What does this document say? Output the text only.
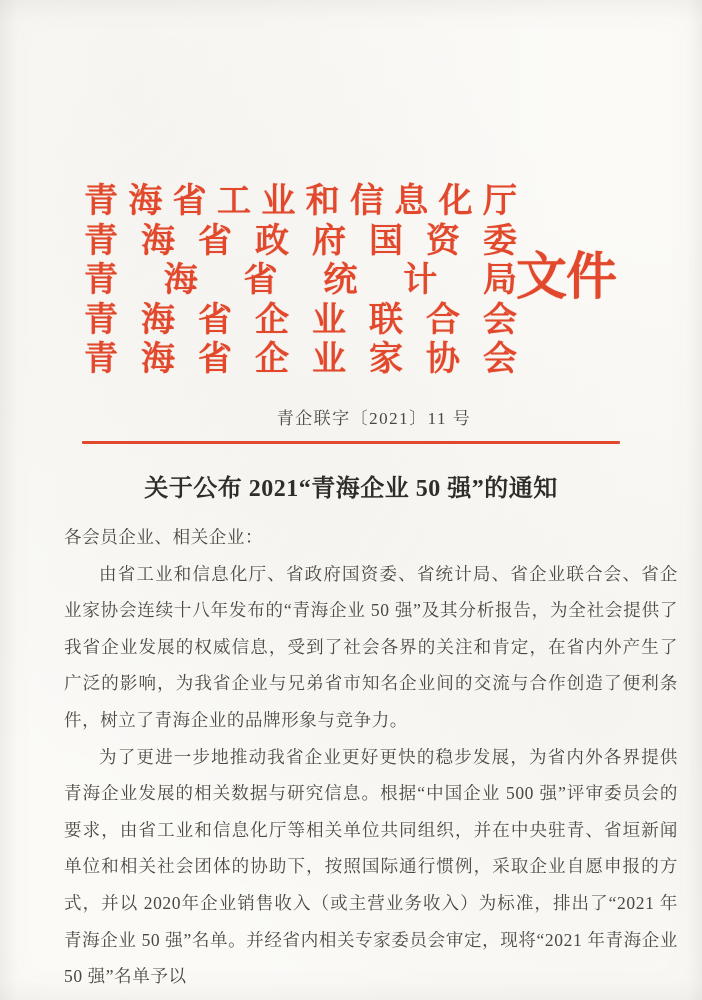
青 海 省 工 业 和 信 息 化 厅
青 海 省 政 府 国 资 委
青 海 省 统 计 局
青 海 省 企 业 联 合 会
青 海 省 企 业 家 协 会
文件
青企联字〔2021〕11 号
关于公布 2021“青海企业 50 强”的通知

各会员企业、相关企业：

由省工业和信息化厅、省政府国资委、省统计局、省企业联合会、省企业家协会连续十八年发布的“青海企业 50 强”及其分析报告，为全社会提供了我省企业发展的权威信息，受到了社会各界的关注和肯定，在省内外产生了广泛的影响，为我省企业与兄弟省市知名企业间的交流与合作创造了便利条件，树立了青海企业的品牌形象与竞争力。

为了更进一步地推动我省企业更好更快的稳步发展，为省内外各界提供青海企业发展的相关数据与研究信息。根据“中国企业 500 强”评审委员会的要求，由省工业和信息化厅等相关单位共同组织，并在中央驻青、省垣新闻单位和相关社会团体的协助下，按照国际通行惯例，采取企业自愿申报的方式，并以 2020年企业销售收入（或主营业务收入）为标准，排出了“2021 年青海企业 50 强”名单。并经省内相关专家委员会审定，现将“2021 年青海企业 50 强”名单予以
